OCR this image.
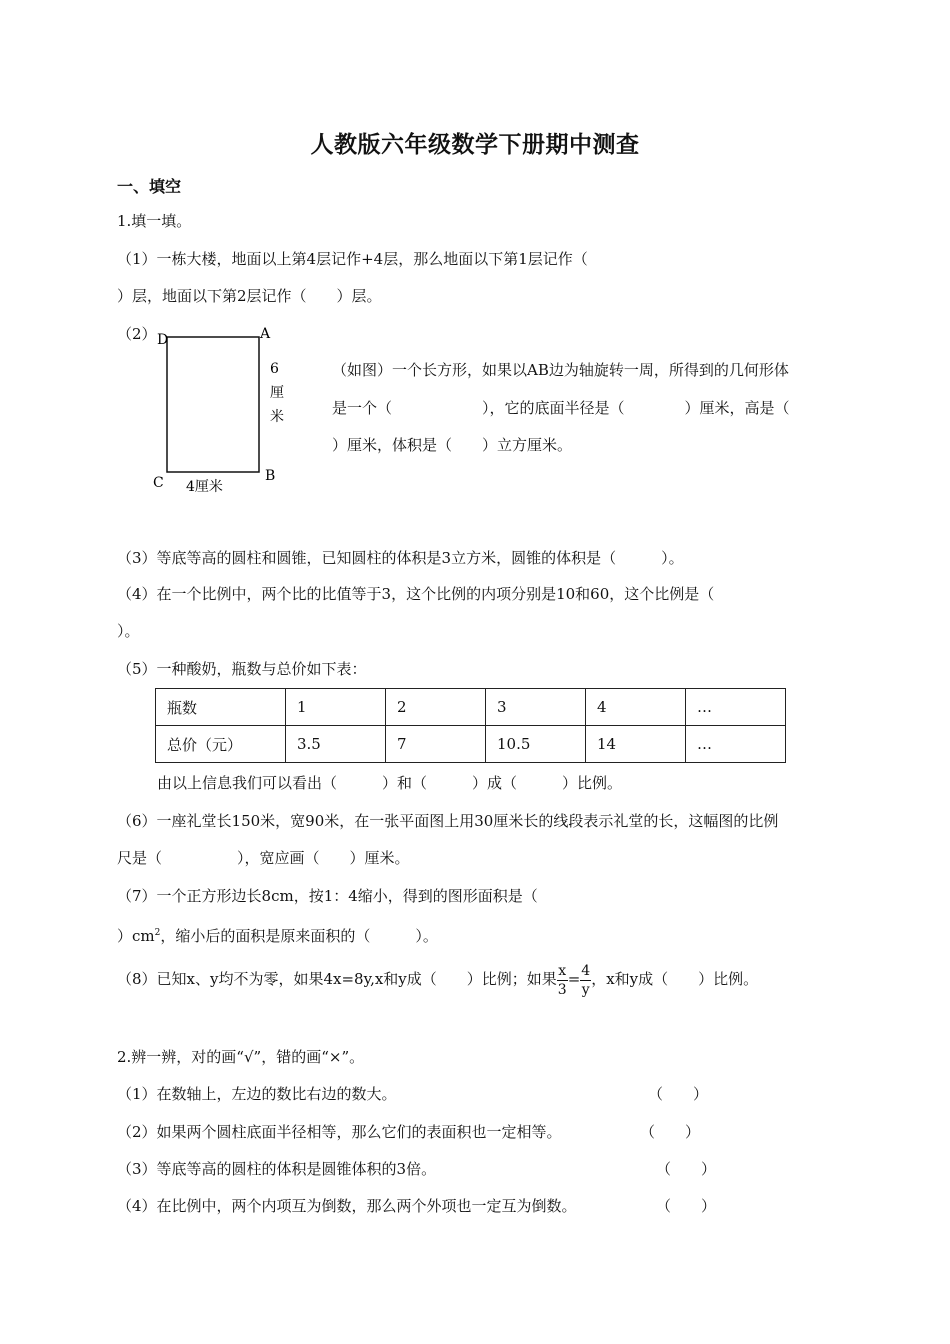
人教版六年级数学下册期中测查
一、填空
1.填一填。
（1）一栋大楼，地面以上第4层记作+4层，那么地面以下第1层记作（
）层，地面以下第2层记作（　　）层。
（2） D	A
B
C
6
厘
米
4厘米
（如图）一个长方形，如果以AB边为轴旋转一周，所得到的几何形体
是一个（　　　　　　），它的底面半径是（　　　　）厘米，高是（
）厘米，体积是（　　）立方厘米。
（3）等底等高的圆柱和圆锥，已知圆柱的体积是3立方米，圆锥的体积是（　　　）。
（4）在一个比例中，两个比的比值等于3，这个比例的内项分别是10和60，这个比例是（
）。
（5）一种酸奶，瓶数与总价如下表：
瓶数	1	2	3	4	…
总价（元）	3.5	7	10.5	14	…
由以上信息我们可以看出（　　　）和（　　　）成（　　　）比例。
（6）一座礼堂长150米，宽90米，在一张平面图上用30厘米长的线段表示礼堂的长，这幅图的比例
尺是（　　　　　），宽应画（　　）厘米。
（7）一个正方形边长8cm，按1：4缩小，得到的图形面积是（
）$cm^2$，缩小后的面积是原来面积的（　　　）。
（8）已知x、y均不为零，如果4x=8y,x和y成（　　）比例；如果 $\frac{x}{3} = \frac{4}{y}$ ，x和y成（　　）比例。
2.辨一辨，对的画“√”，错的画“×”。
（1）在数轴上，左边的数比右边的数大。	（　　）
（2）如果两个圆柱底面半径相等，那么它们的表面积也一定相等。	（　　）
（3）等底等高的圆柱的体积是圆锥体积的3倍。	（　　）
（4）在比例中，两个内项互为倒数，那么两个外项也一定互为倒数。	（　　）
